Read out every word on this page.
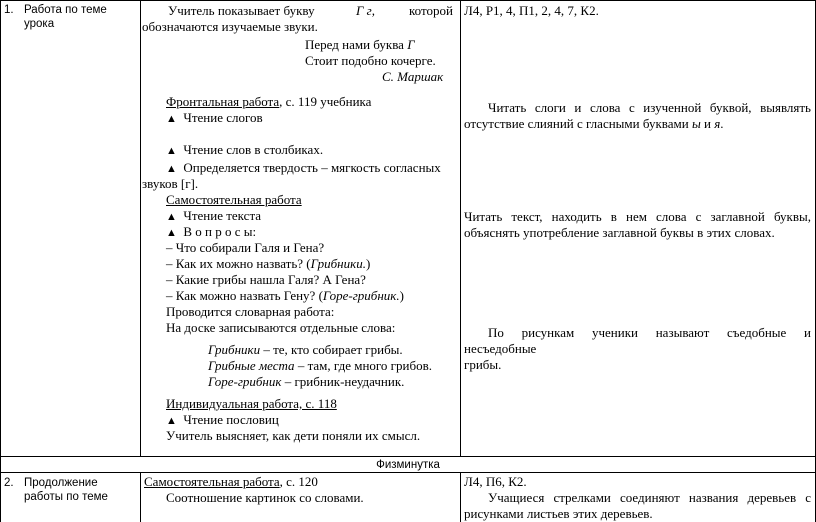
1. Работа по теме
урока
Учитель показывает букву	Г г,	которой
обозначаются изучаемые звуки.
Перед нами буква Г
Стоит подобно кочерге.
С. Маршак
Фронтальная работа, с. 119 учебника
▲ Чтение слогов
▲ Чтение слов в столбиках.
▲ Определяется твердость – мягкость согласных
звуков [г].
Самостоятельная работа
▲ Чтение текста
▲ В о п р о с ы:
– Что собирали Галя и Гена?
– Как их можно назвать? (Грибники.)
– Какие грибы нашла Галя? А Гена?
– Как можно назвать Гену? (Горе-грибник.)
Проводится словарная работа:
На доске записываются отдельные слова:
Грибники – те, кто собирает грибы.
Грибные места – там, где много грибов.
Горе-грибник – грибник-неудачник.
Индивидуальная работа, с. 118
▲ Чтение пословиц
Учитель выясняет, как дети поняли их смысл.
Л4, Р1, 4, П1, 2, 4, 7, К2.
Читать слоги и слова с изученной буквой, выявлять
отсутствие слияний с гласными буквами ы и я.
Читать текст, находить в нем слова с заглавной буквы,
объяснять употребление заглавной буквы в этих словах.
По рисункам ученики называют съедобные и
несъедобные
грибы.
Физминутка
2. Продолжение
работы по теме
Самостоятельная работа, с. 120
Соотношение картинок со словами.
Л4, П6, К2.
Учащиеся стрелками соединяют названия деревьев с
рисунками листьев этих деревьев.
